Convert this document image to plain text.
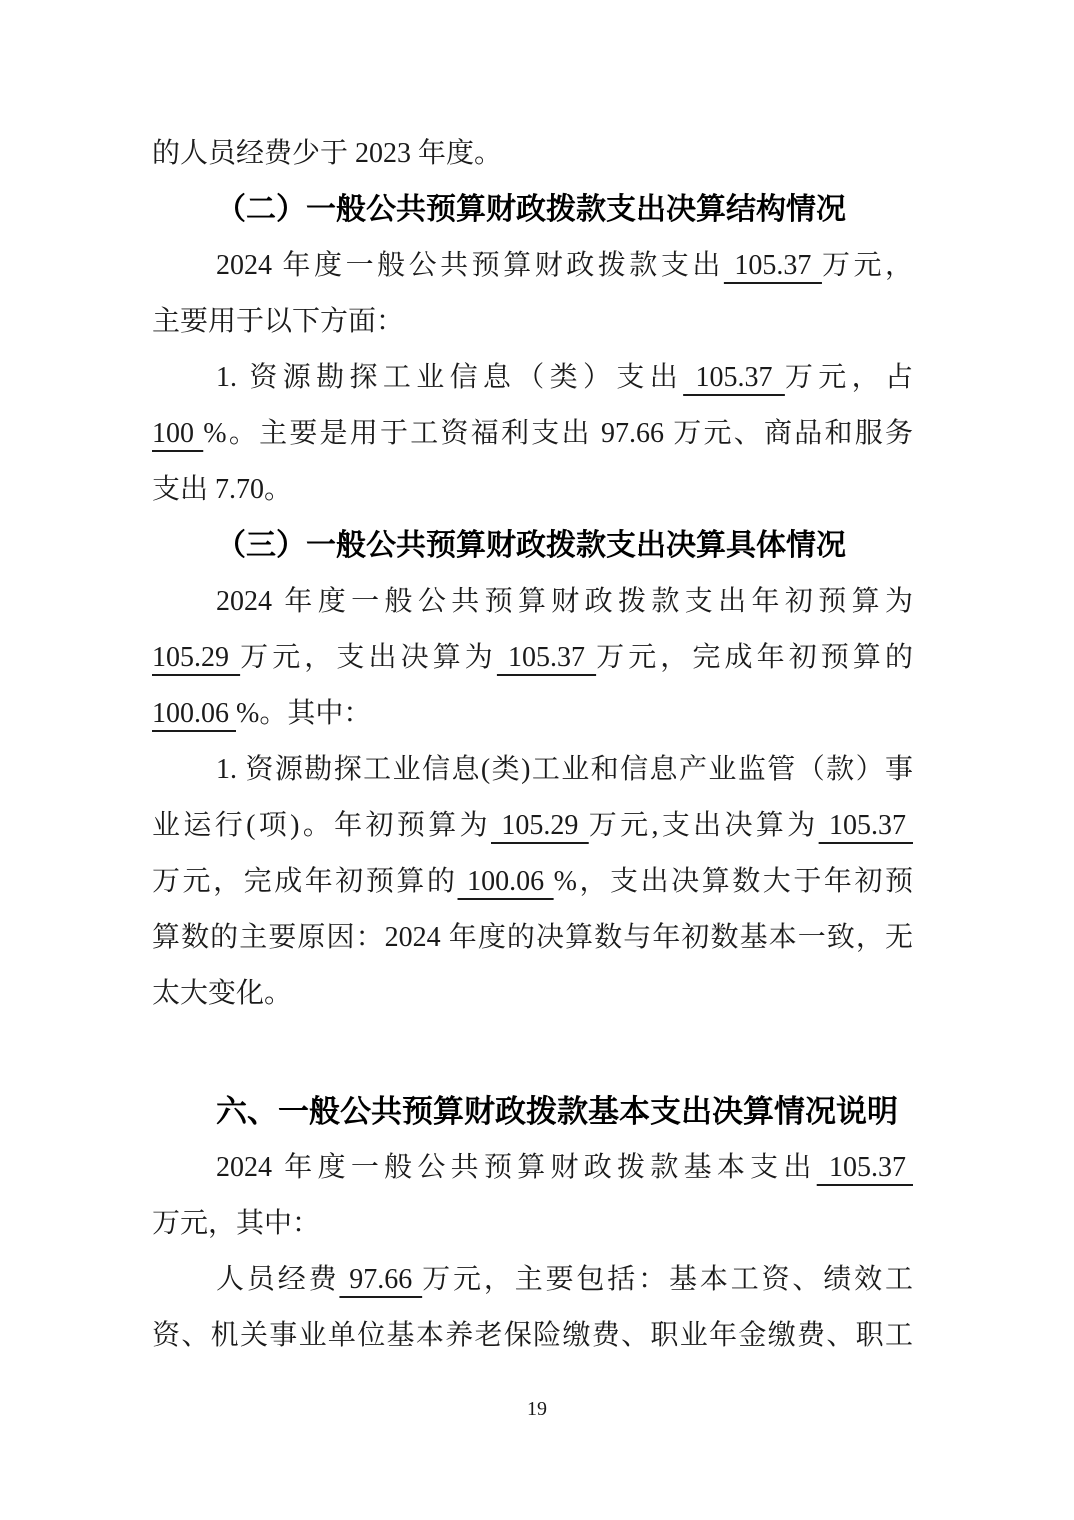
的人员经费少于 2023 年度。
（二）一般公共预算财政拨款支出决算结构情况
2024 年度一般公共预算财政拨款支出 105.37 万元，
主要用于以下方面：
1. 资源勘探工业信息（类）支出 105.37 万元，占
100 %。主要是用于工资福利支出 97.66 万元、商品和服务
支出 7.70。
（三）一般公共预算财政拨款支出决算具体情况
2024 年度一般公共预算财政拨款支出年初预算为
105.29 万元，支出决算为 105.37 万元，完成年初预算的
100.06 %。其中：
1. 资源勘探工业信息(类)工业和信息产业监管（款）事
业运行(项)。年初预算为 105.29 万元,支出决算为 105.37
万元，完成年初预算的 100.06 %，支出决算数大于年初预
算数的主要原因：2024 年度的决算数与年初数基本一致，无
太大变化。
六、一般公共预算财政拨款基本支出决算情况说明
2024 年度一般公共预算财政拨款基本支出 105.37
万元，其中：
人员经费 97.66 万元，主要包括：基本工资、绩效工
资、机关事业单位基本养老保险缴费、职业年金缴费、职工
19
